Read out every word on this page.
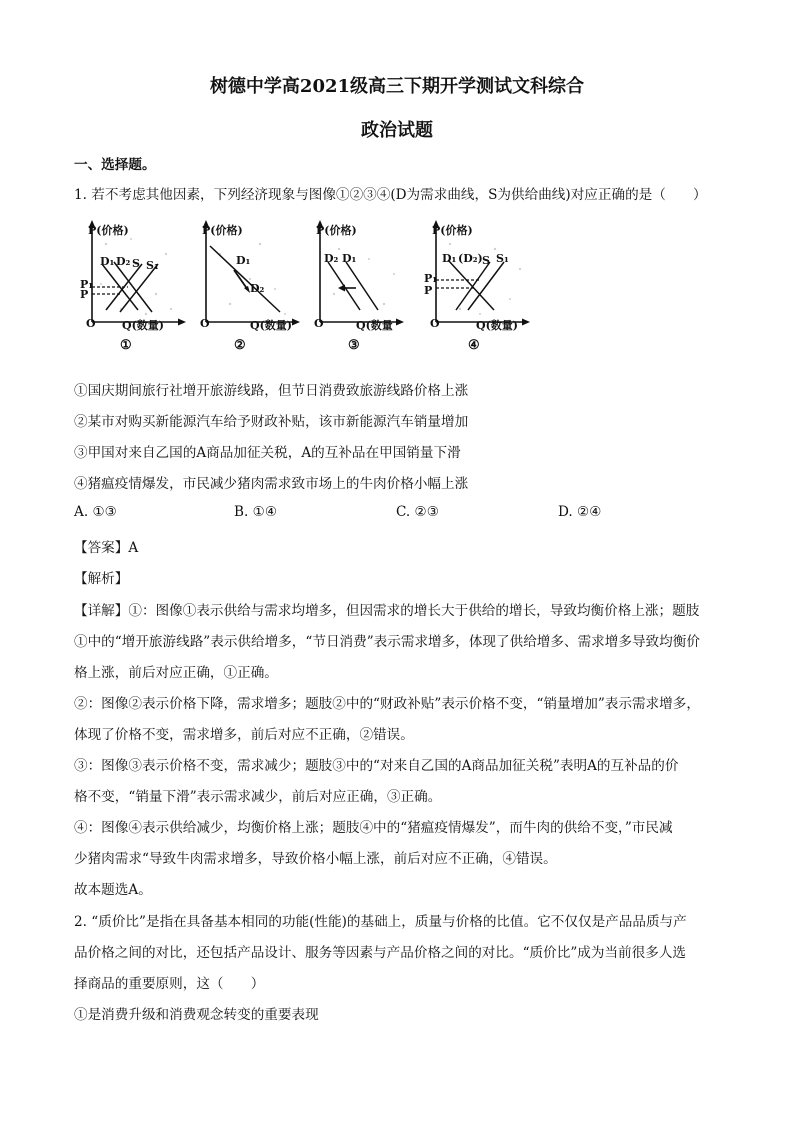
树德中学高2021级高三下期开学测试文科综合
政治试题
一、选择题。
1. 若不考虑其他因素，下列经济现象与图像①②③④(D为需求曲线，S为供给曲线)对应正确的是（　　）
P(价格)
D₁ D₂ S S₁
P₁
P
O Q(数量)
①
P(价格)
D₁
D₂
O	Q(数量)
②
P(价格)
D₂ D₁
O	Q(数量
③
P(价格)
D₁ (D₂) S S₁
P₁
P
O	Q(数量)
④
①国庆期间旅行社增开旅游线路，但节日消费致旅游线路价格上涨
②某市对购买新能源汽车给予财政补贴，该市新能源汽车销量增加
③甲国对来自乙国的A商品加征关税，A的互补品在甲国销量下滑
④猪瘟疫情爆发，市民减少猪肉需求致市场上的牛肉价格小幅上涨
A. ①③	B. ①④	C. ②③	D. ②④
【答案】A
【解析】
【详解】①：图像①表示供给与需求均增多，但因需求的增长大于供给的增长，导致均衡价格上涨；题肢
①中的“增开旅游线路”表示供给增多，“节日消费”表示需求增多，体现了供给增多、需求增多导致均衡价
格上涨，前后对应正确，①正确。
②：图像②表示价格下降，需求增多；题肢②中的“财政补贴”表示价格不变，“销量增加”表示需求增多，
体现了价格不变，需求增多，前后对应不正确，②错误。
③：图像③表示价格不变，需求减少；题肢③中的“对来自乙国的A商品加征关税”表明A的互补品的价
格不变，“销量下滑”表示需求减少，前后对应正确，③正确。
④：图像④表示供给减少，均衡价格上涨；题肢④中的“猪瘟疫情爆发”，而牛肉的供给不变，”市民减
少猪肉需求“导致牛肉需求增多，导致价格小幅上涨，前后对应不正确，④错误。
故本题选A。
2. “质价比”是指在具备基本相同的功能(性能)的基础上，质量与价格的比值。它不仅仅是产品品质与产
品价格之间的对比，还包括产品设计、服务等因素与产品价格之间的对比。“质价比”成为当前很多人选
择商品的重要原则，这（　　）
①是消费升级和消费观念转变的重要表现
